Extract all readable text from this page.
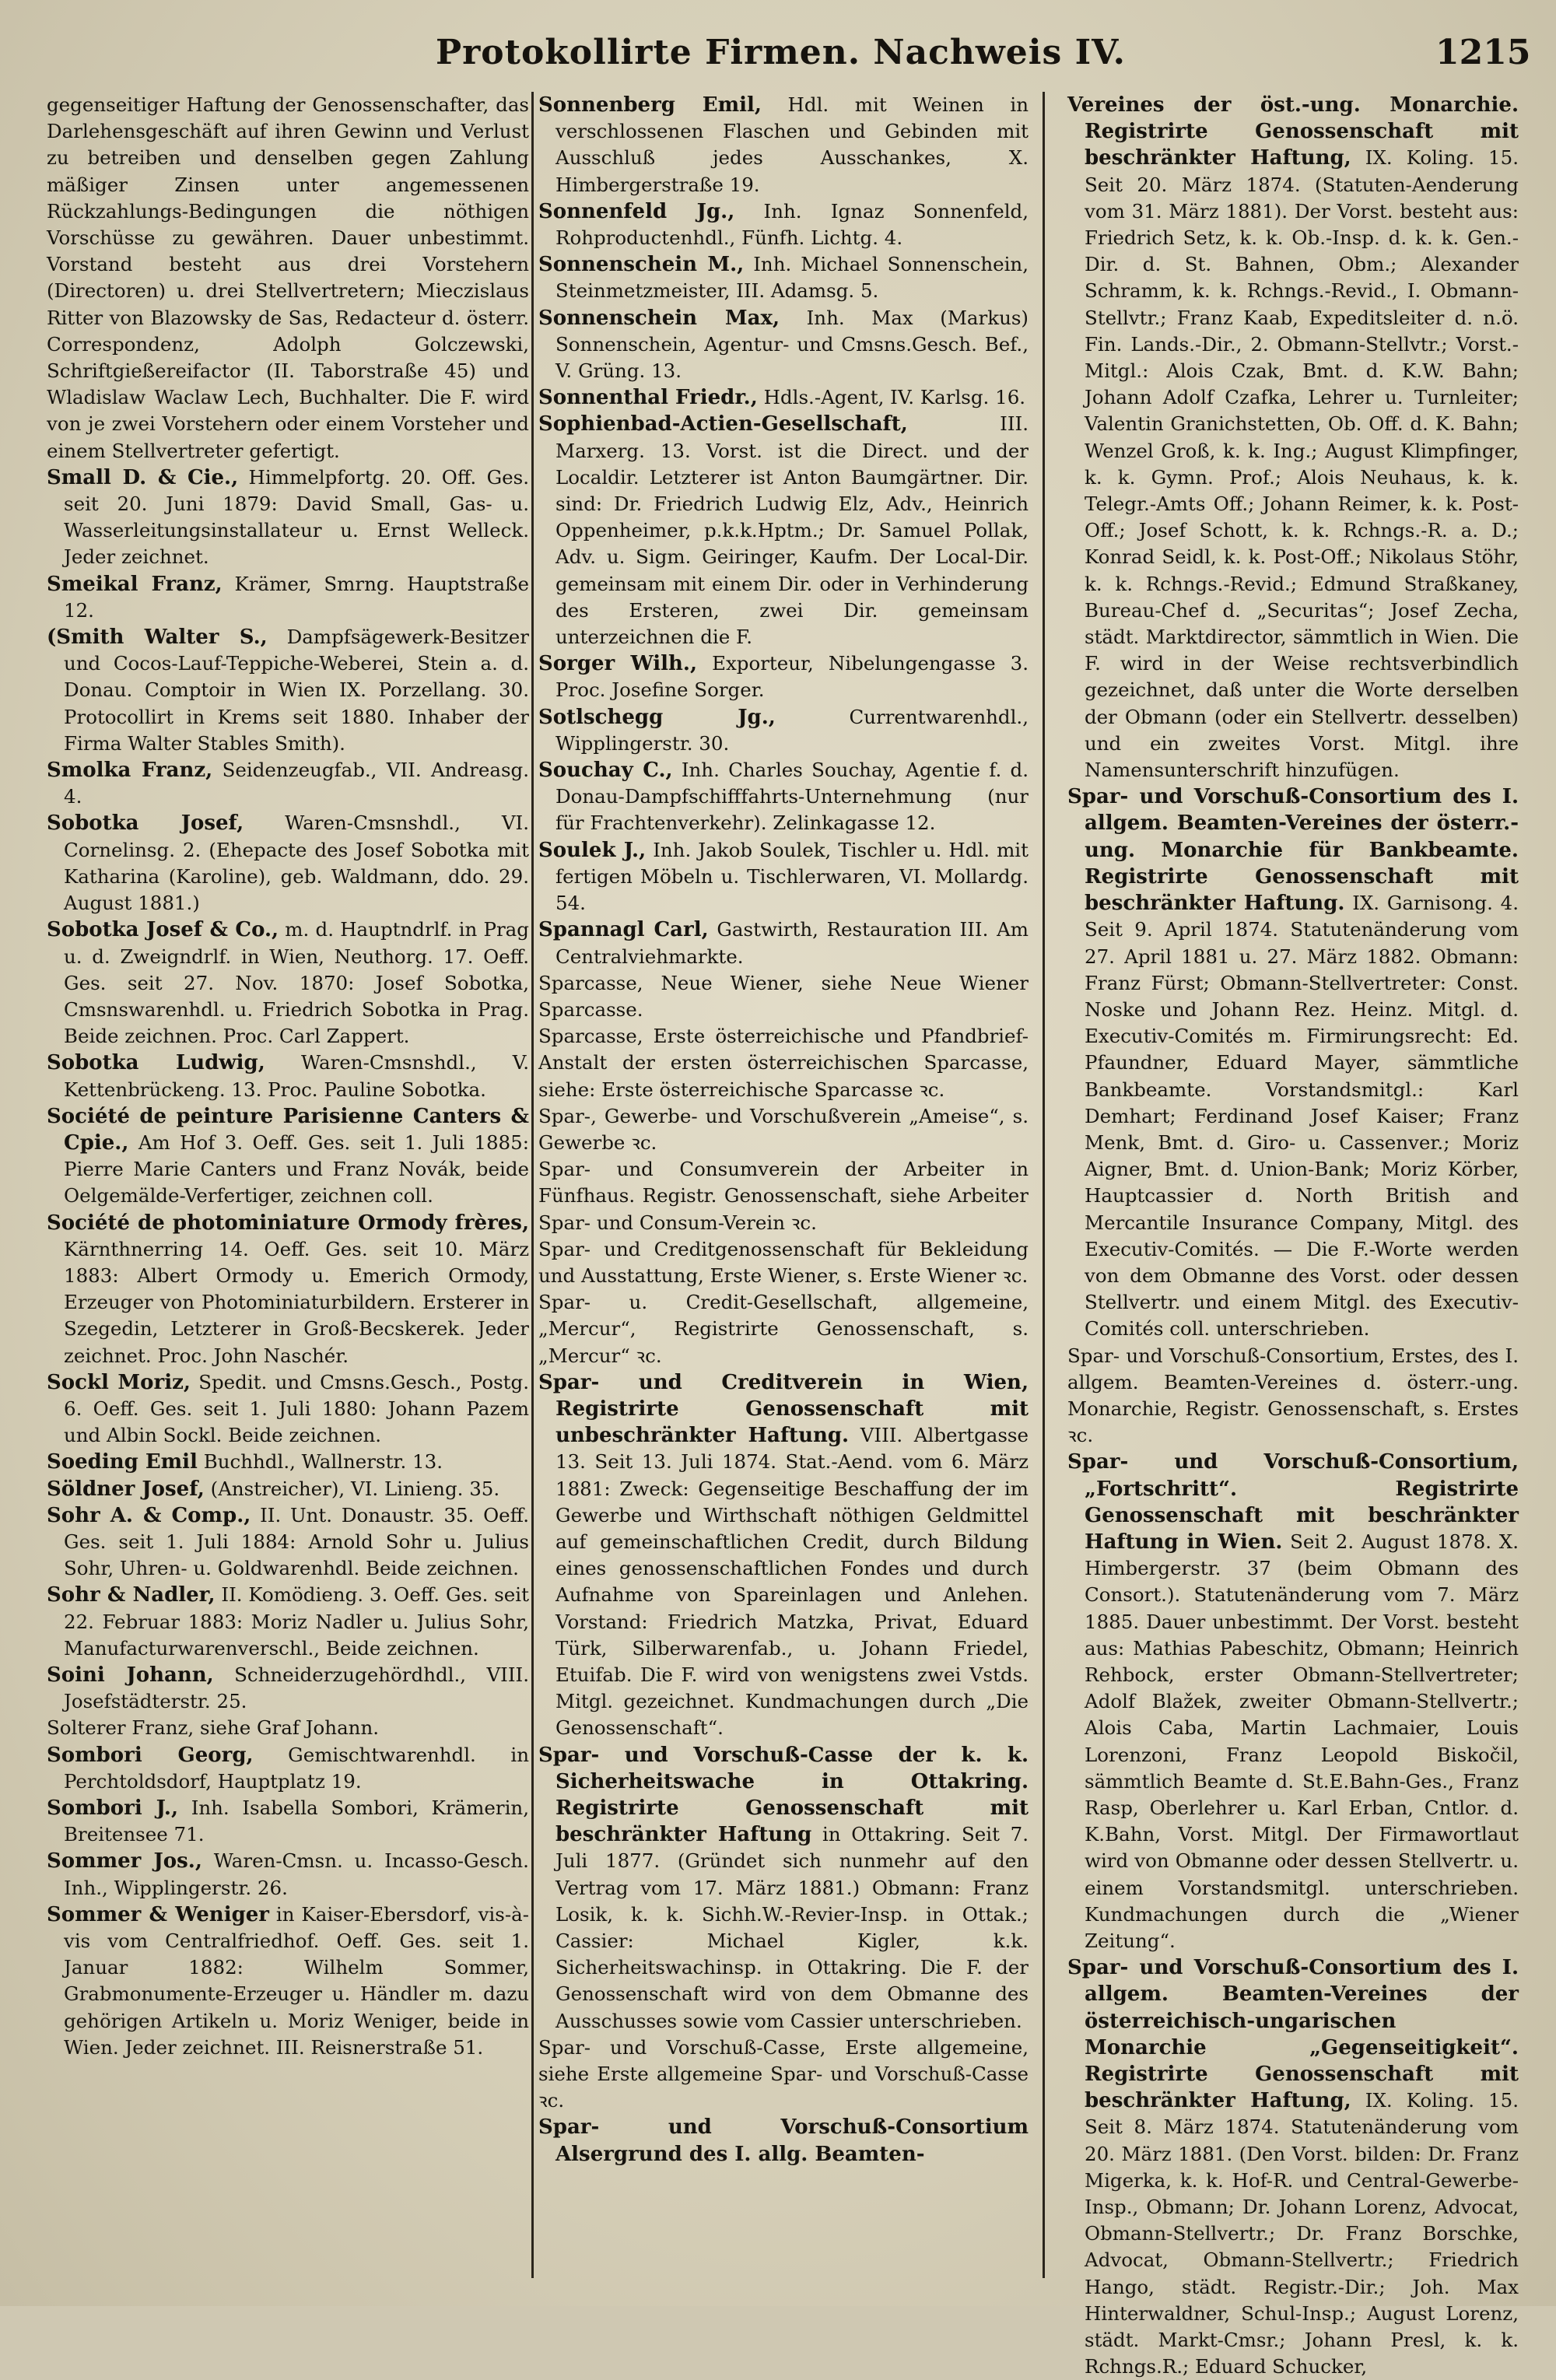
Protokollirte Firmen. Nachweis IV.	1215

gegenseitiger Haftung der Genossenschafter, das Darlehensgeschäft auf ihren Gewinn und Verlust zu betreiben und denselben gegen Zahlung mäßiger Zinsen unter angemessenen Rückzahlungs-Bedingungen die nöthigen Vorschüsse zu gewähren. Dauer unbestimmt. Vorstand besteht aus drei Vorstehern (Directoren) u. drei Stellvertretern; Mieczislaus Ritter von Blazowsky de Sas, Redacteur d. österr. Correspondenz, Adolph Golczewski, Schriftgießereifactor (II. Taborstraße 45) und Wladislaw Waclaw Lech, Buchhalter. Die F. wird von je zwei Vorstehern oder einem Vorsteher und einem Stellvertreter gefertigt.

Small D. & Cie., Himmelpfortg. 20. Off. Ges. seit 20. Juni 1879: David Small, Gas- u. Wasserleitungsinstallateur u. Ernst Welleck. Jeder zeichnet.

Smeikal Franz, Krämer, Smrng. Hauptstraße 12.

(Smith Walter S., Dampfsägewerk-Besitzer und Cocos-Lauf-Teppiche-Weberei, Stein a. d. Donau. Comptoir in Wien IX. Porzellang. 30. Protocollirt in Krems seit 1880. Inhaber der Firma Walter Stables Smith).

Smolka Franz, Seidenzeugfab., VII. Andreasg. 4.

Sobotka Josef, Waren-Cmsnshdl., VI. Cornelinsg. 2. (Ehepacte des Josef Sobotka mit Katharina (Karoline), geb. Waldmann, ddo. 29. August 1881.)

Sobotka Josef & Co., m. d. Hauptndrlf. in Prag u. d. Zweigndrlf. in Wien, Neuthorg. 17. Oeff. Ges. seit 27. Nov. 1870: Josef Sobotka, Cmsnswarenhdl. u. Friedrich Sobotka in Prag. Beide zeichnen. Proc. Carl Zappert.

Sobotka Ludwig, Waren-Cmsnshdl., V. Kettenbrückeng. 13. Proc. Pauline Sobotka.

Société de peinture Parisienne Canters & Cpie., Am Hof 3. Oeff. Ges. seit 1. Juli 1885: Pierre Marie Canters und Franz Novák, beide Oelgemälde-Verfertiger, zeichnen coll.

Société de photominiature Ormody frères, Kärnthnerring 14. Oeff. Ges. seit 10. März 1883: Albert Ormody u. Emerich Ormody, Erzeuger von Photominiaturbildern. Ersterer in Szegedin, Letzterer in Groß-Becskerek. Jeder zeichnet. Proc. John Naschér.

Sockl Moriz, Spedit. und Cmsns.Gesch., Postg. 6. Oeff. Ges. seit 1. Juli 1880: Johann Pazem und Albin Sockl. Beide zeichnen.

Soeding Emil Buchhdl., Wallnerstr. 13.

Söldner Josef, (Anstreicher), VI. Linieng. 35.

Sohr A. & Comp., II. Unt. Donaustr. 35. Oeff. Ges. seit 1. Juli 1884: Arnold Sohr u. Julius Sohr, Uhren- u. Goldwarenhdl. Beide zeichnen.

Sohr & Nadler, II. Komödieng. 3. Oeff. Ges. seit 22. Februar 1883: Moriz Nadler u. Julius Sohr, Manufacturwarenverschl., Beide zeichnen.

Soini Johann, Schneiderzugehördhdl., VIII. Josefstädterstr. 25.

Solterer Franz, siehe Graf Johann.

Sombori Georg, Gemischtwarenhdl. in Perchtoldsdorf, Hauptplatz 19.

Sombori J., Inh. Isabella Sombori, Krämerin, Breitensee 71.

Sommer Jos., Waren-Cmsn. u. Incasso-Gesch. Inh., Wipplingerstr. 26.

Sommer & Weniger in Kaiser-Ebersdorf, vis-à-vis vom Centralfriedhof. Oeff. Ges. seit 1. Januar 1882: Wilhelm Sommer, Grabmonumente-Erzeuger u. Händler m. dazu gehörigen Artikeln u. Moriz Weniger, beide in Wien. Jeder zeichnet. III. Reisnerstraße 51.

Sonnenberg Emil, Hdl. mit Weinen in verschlossenen Flaschen und Gebinden mit Ausschluß jedes Ausschankes, X. Himbergerstraße 19.

Sonnenfeld Jg., Inh. Ignaz Sonnenfeld, Rohproductenhdl., Fünfh. Lichtg. 4.

Sonnenschein M., Inh. Michael Sonnenschein, Steinmetzmeister, III. Adamsg. 5.

Sonnenschein Max, Inh. Max (Markus) Sonnenschein, Agentur- und Cmsns.Gesch. Bef., V. Grüng. 13.

Sonnenthal Friedr., Hdls.-Agent, IV. Karlsg. 16.

Sophienbad-Actien-Gesellschaft,	III. Marxerg. 13. Vorst. ist die Direct. und der Localdir. Letzterer ist Anton Baumgärtner. Dir. sind: Dr. Friedrich Ludwig Elz, Adv., Heinrich Oppenheimer, p.k.k.Hptm.; Dr. Samuel Pollak, Adv. u. Sigm. Geiringer, Kaufm. Der Local-Dir. gemeinsam mit einem Dir. oder in Verhinderung des Ersteren, zwei Dir. gemeinsam unterzeichnen die F.

Sorger Wilh., Exporteur, Nibelungengasse 3. Proc. Josefine Sorger.

Sotlschegg Jg.,	Currentwarenhdl., Wipplingerstr. 30.

Souchay C., Inh. Charles Souchay, Agentie f. d. Donau-Dampfschifffahrts-Unternehmung (nur für Frachtenverkehr). Zelinkagasse 12.

Soulek J., Inh. Jakob Soulek, Tischler u. Hdl. mit fertigen Möbeln u. Tischlerwaren, VI. Mollardg. 54.

Spannagl Carl, Gastwirth, Restauration III. Am Centralviehmarkte.

Sparcasse, Neue Wiener, siehe Neue Wiener Sparcasse.

Sparcasse, Erste österreichische und Pfandbrief-Anstalt der ersten österreichischen Sparcasse, siehe: Erste österreichische Sparcasse ꝛc.

Spar-, Gewerbe- und Vorschußverein „Ameise“, s. Gewerbe ꝛc.

Spar- und Consumverein der Arbeiter in Fünfhaus. Registr. Genossenschaft, siehe Arbeiter Spar- und Consum-Verein ꝛc.

Spar- und Creditgenossenschaft für Bekleidung und Ausstattung, Erste Wiener, s. Erste Wiener ꝛc.

Spar- u. Credit-Gesellschaft, allgemeine, „Mercur“, Registrirte Genossenschaft, s. „Mercur“ ꝛc.

Spar- und Creditverein in Wien, Registrirte Genossenschaft mit unbeschränkter Haftung. VIII. Albertgasse 13. Seit 13. Juli 1874. Stat.-Aend. vom 6. März 1881: Zweck: Gegenseitige Beschaffung der im Gewerbe und Wirthschaft nöthigen Geldmittel auf gemeinschaftlichen Credit, durch Bildung eines genossenschaftlichen Fondes und durch Aufnahme von Spareinlagen und Anlehen. Vorstand: Friedrich Matzka, Privat, Eduard Türk, Silberwarenfab., u. Johann Friedel, Etuifab. Die F. wird von wenigstens zwei Vstds. Mitgl. gezeichnet. Kundmachungen durch „Die Genossenschaft“.

Spar- und Vorschuß-Casse der k. k. Sicherheitswache in Ottakring. Registrirte Genossenschaft mit beschränkter Haftung in Ottakring. Seit 7. Juli 1877. (Gründet sich nunmehr auf den Vertrag vom 17. März 1881.) Obmann: Franz Losik, k. k. Sichh.W.-Revier-Insp. in Ottak.; Cassier: Michael Kigler, k.k. Sicherheitswachinsp. in Ottakring. Die F. der Genossenschaft wird von dem Obmanne des Ausschusses sowie vom Cassier unterschrieben.

Spar- und Vorschuß-Casse, Erste allgemeine, siehe Erste allgemeine Spar- und Vorschuß-Casse ꝛc.

Spar- und Vorschuß-Consortium Alsergrund des I. allg. Beamten-

Vereines der öst.-ung. Monarchie. Registrirte Genossenschaft mit beschränkter Haftung, IX. Koling. 15. Seit 20. März 1874. (Statuten-Aenderung vom 31. März 1881). Der Vorst. besteht aus: Friedrich Setz, k. k. Ob.-Insp. d. k. k. Gen.-Dir. d. St. Bahnen, Obm.; Alexander Schramm, k. k. Rchngs.-Revid., I. Obmann-Stellvtr.; Franz Kaab, Expeditsleiter d. n.ö. Fin. Lands.-Dir., 2. Obmann-Stellvtr.; Vorst.-Mitgl.: Alois Czak, Bmt. d. K.W. Bahn; Johann Adolf Czafka, Lehrer u. Turnleiter; Valentin Granichstetten, Ob. Off. d. K. Bahn; Wenzel Groß, k. k. Ing.; August Klimpfinger, k. k. Gymn. Prof.; Alois Neuhaus, k. k. Telegr.-Amts Off.; Johann Reimer, k. k. Post-Off.; Josef Schott, k. k. Rchngs.-R. a. D.; Konrad Seidl, k. k. Post-Off.; Nikolaus Stöhr, k. k. Rchngs.-Revid.; Edmund Straßkaney, Bureau-Chef d. „Securitas“; Josef Zecha, städt. Marktdirector, sämmtlich in Wien. Die F. wird in der Weise rechtsverbindlich gezeichnet, daß unter die Worte derselben der Obmann (oder ein Stellvertr. desselben) und ein zweites Vorst. Mitgl. ihre Namensunterschrift hinzufügen.

Spar- und Vorschuß-Consortium des I. allgem. Beamten-Vereines der österr.-ung. Monarchie für Bankbeamte. Registrirte Genossenschaft mit beschränkter Haftung. IX. Garnisong. 4. Seit 9. April 1874. Statutenänderung vom 27. April 1881 u. 27. März 1882. Obmann: Franz Fürst; Obmann-Stellvertreter: Const. Noske und Johann Rez. Heinz. Mitgl. d. Executiv-Comités m. Firmirungsrecht: Ed. Pfaundner, Eduard Mayer, sämmtliche Bankbeamte. Vorstandsmitgl.: Karl Demhart; Ferdinand Josef Kaiser; Franz Menk, Bmt. d. Giro- u. Cassenver.; Moriz Aigner, Bmt. d. Union-Bank; Moriz Körber, Hauptcassier d. North British and Mercantile Insurance Company, Mitgl. des Executiv-Comités. — Die F.-Worte werden von dem Obmanne des Vorst. oder dessen Stellvertr. und einem Mitgl. des Executiv-Comités coll. unterschrieben.

Spar- und Vorschuß-Consortium, Erstes, des I. allgem. Beamten-Vereines d. österr.-ung. Monarchie, Registr. Genossenschaft, s. Erstes ꝛc.

Spar- und Vorschuß-Consortium, „Fortschritt“. Registrirte Genossenschaft mit beschränkter Haftung in Wien. Seit 2. August 1878. X. Himbergerstr. 37 (beim Obmann des Consort.). Statutenänderung vom 7. März 1885. Dauer unbestimmt. Der Vorst. besteht aus: Mathias Pabeschitz, Obmann; Heinrich Rehbock, erster Obmann-Stellvertreter; Adolf Blažek, zweiter Obmann-Stellvertr.; Alois Caba, Martin Lachmaier, Louis Lorenzoni, Franz Leopold Biskočil, sämmtlich Beamte d. St.E.Bahn-Ges., Franz Rasp, Oberlehrer u. Karl Erban, Cntlor. d. K.Bahn, Vorst. Mitgl. Der Firmawortlaut wird von Obmanne oder dessen Stellvertr. u. einem Vorstandsmitgl. unterschrieben. Kundmachungen durch die „Wiener Zeitung“.

Spar- und Vorschuß-Consortium des I. allgem. Beamten-Vereines der österreichisch-ungarischen Monarchie „Gegenseitigkeit“. Registrirte Genossenschaft mit beschränkter Haftung, IX. Koling. 15. Seit 8. März 1874. Statutenänderung vom 20. März 1881. (Den Vorst. bilden: Dr. Franz Migerka, k. k. Hof-R. und Central-Gewerbe-Insp., Obmann; Dr. Johann Lorenz, Advocat, Obmann-Stellvertr.; Dr. Franz Borschke, Advocat, Obmann-Stellvertr.; Friedrich Hango, städt. Registr.-Dir.; Joh. Max Hinterwaldner, Schul-Insp.; August Lorenz, städt. Markt-Cmsr.; Johann Presl, k. k. Rchngs.R.; Eduard Schucker,
